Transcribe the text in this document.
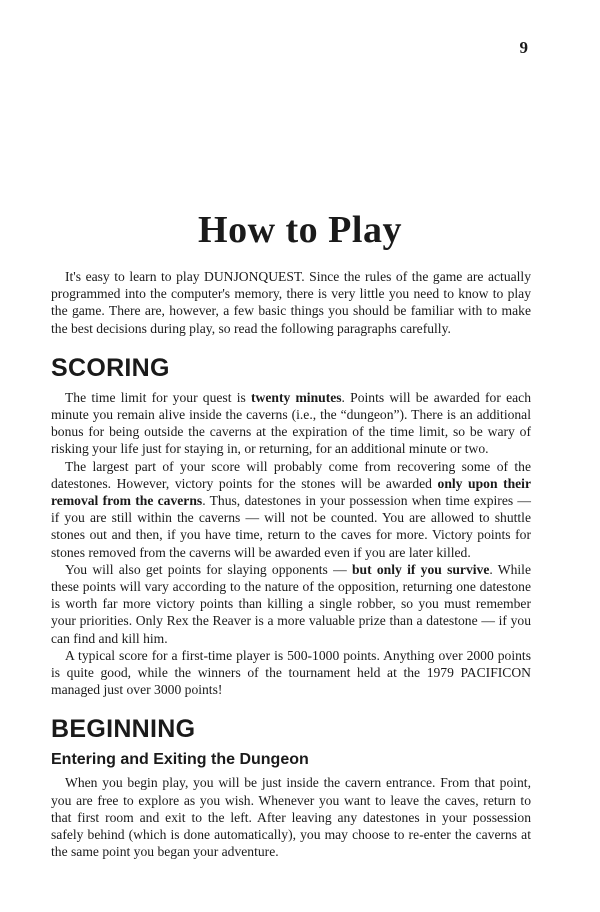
9
How to Play

It's easy to learn to play DUNJONQUEST. Since the rules of the game are actually programmed into the computer's memory, there is very little you need to know to play the game. There are, however, a few basic things you should be familiar with to make the best decisions during play, so read the following paragraphs carefully.

SCORING

The time limit for your quest is twenty minutes. Points will be awarded for each minute you remain alive inside the caverns (i.e., the “dungeon”). There is an additional bonus for being outside the caverns at the expiration of the time limit, so be wary of risking your life just for staying in, or returning, for an additional minute or two.

The largest part of your score will probably come from recovering some of the datestones. However, victory points for the stones will be awarded only upon their removal from the caverns. Thus, datestones in your possession when time expires — if you are still within the caverns — will not be counted. You are allowed to shuttle stones out and then, if you have time, return to the caves for more. Victory points for stones removed from the caverns will be awarded even if you are later killed.

You will also get points for slaying opponents — but only if you survive. While these points will vary according to the nature of the opposition, returning one datestone is worth far more victory points than killing a single robber, so you must remember your priorities. Only Rex the Reaver is a more valuable prize than a datestone — if you can find and kill him.

A typical score for a first-time player is 500-1000 points. Anything over 2000 points is quite good, while the winners of the tournament held at the 1979 PACIFICON managed just over 3000 points!

BEGINNING
Entering and Exiting the Dungeon

When you begin play, you will be just inside the cavern entrance. From that point, you are free to explore as you wish. Whenever you want to leave the caves, return to that first room and exit to the left. After leaving any datestones in your possession safely behind (which is done automatically), you may choose to re-enter the caverns at the same point you began your adventure.
